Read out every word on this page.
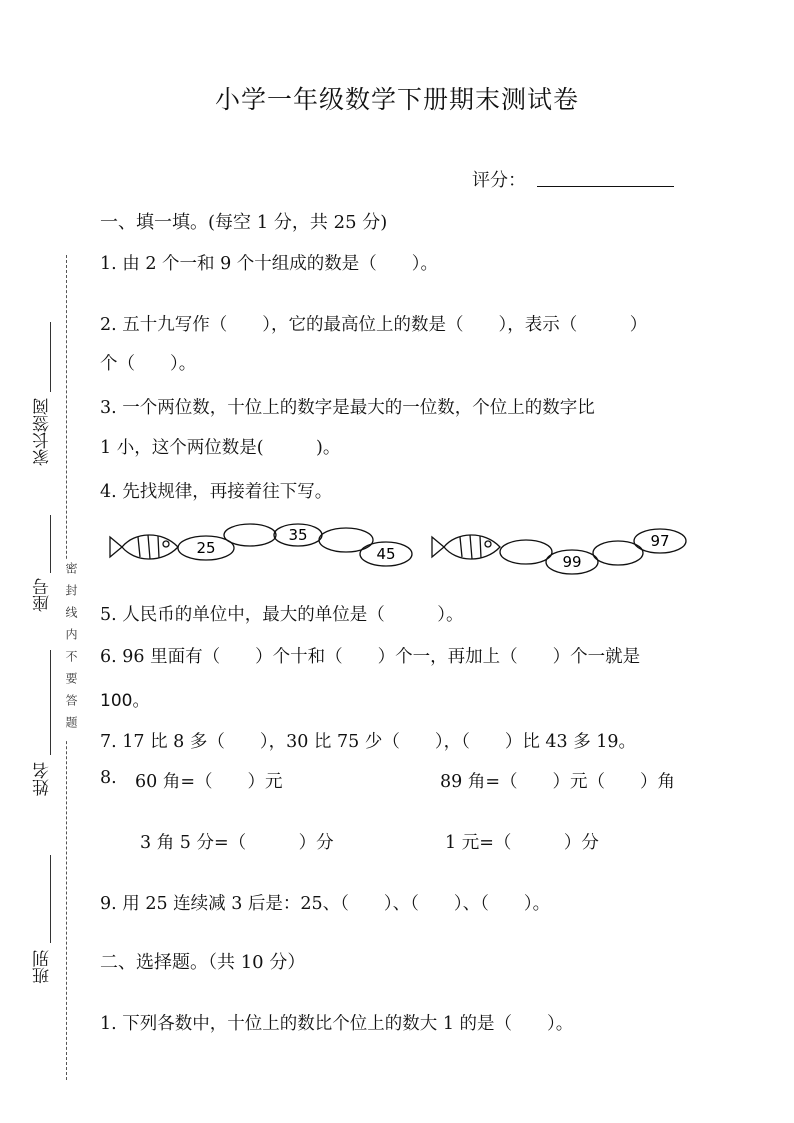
小学一年级数学下册期末测试卷
评分：
家长签阅
座号
姓名
班别
密封线内不要答题
一、填一填。(每空 1 分，共 25 分)
1. 由 2 个一和 9 个十组成的数是（　　）。
2. 五十九写作（　　），它的最高位上的数是（　　），表示（　　　）
个（　　）。
3. 一个两位数，十位上的数字是最大的一位数，个位上的数字比
1 小，这个两位数是(　　　)。
4. 先找规律，再接着往下写。
25
35
45	99
97
5. 人民币的单位中，最大的单位是（　　　）。
6. 96 里面有（　　）个十和（　　）个一，再加上（　　）个一就是
100。
7. 17 比 8 多（　　），30 比 75 少（　　），（　　）比 43 多 19。
8. 60 角=（　　）元	89 角=（　　）元（　　）角
3 角 5 分=（　　　）分	1 元=（　　　）分
9. 用 25 连续减 3 后是：25、（　　）、（　　）、（　　）。
二、选择题。（共 10 分）
1. 下列各数中，十位上的数比个位上的数大 1 的是（　　）。
